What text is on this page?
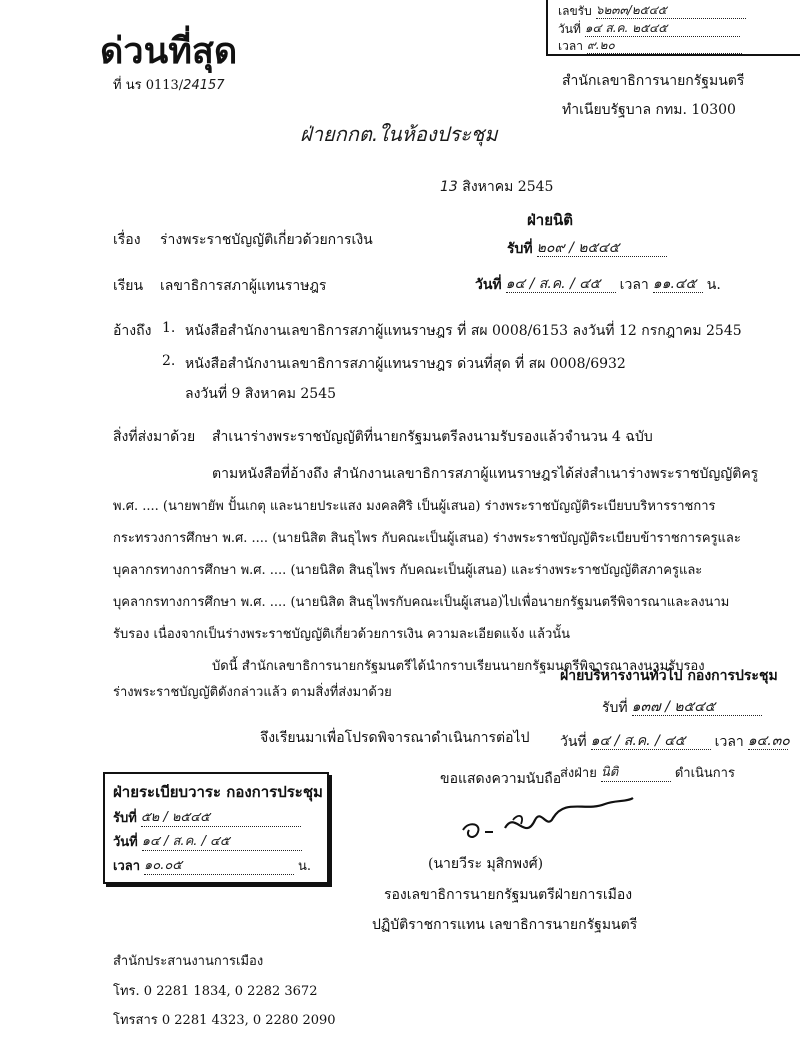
ด่วนที่สุด
ที่ นร 0113/24157
เลขรับ ๖๒๓๓/๒๕๔๕
วันที่ ๑๔ ส.ค. ๒๕๔๕
เวลา ๙.๒๐
สำนักเลขาธิการนายกรัฐมนตรี
ทำเนียบรัฐบาล กทม. 10300
ฝ่ายกกต.ในห้องประชุม
13 สิงหาคม 2545
เรื่อง ร่างพระราชบัญญัติเกี่ยวด้วยการเงิน
เรียน เลขาธิการสภาผู้แทนราษฎร
ฝ่ายนิติ
รับที่ ๒๐๙ / ๒๕๔๕
วันที่ ๑๔ / ส.ค. / ๔๕	เวลา ๑๑.๔๕ น.
อ้างถึง 1. หนังสือสำนักงานเลขาธิการสภาผู้แทนราษฎร ที่ สผ 0008/6153 ลงวันที่ 12 กรกฎาคม 2545
2. หนังสือสำนักงานเลขาธิการสภาผู้แทนราษฎร ด่วนที่สุด ที่ สผ 0008/6932
ลงวันที่ 9 สิงหาคม 2545
สิ่งที่ส่งมาด้วย สำเนาร่างพระราชบัญญัติที่นายกรัฐมนตรีลงนามรับรองแล้วจำนวน 4 ฉบับ
ตามหนังสือที่อ้างถึง สำนักงานเลขาธิการสภาผู้แทนราษฎรได้ส่งสำเนาร่างพระราชบัญญัติครู
พ.ศ. .... (นายพายัพ ปั้นเกตุ และนายประแสง มงคลศิริ เป็นผู้เสนอ) ร่างพระราชบัญญัติระเบียบบริหารราชการ
กระทรวงการศึกษา พ.ศ. .... (นายนิสิต สินธุไพร กับคณะเป็นผู้เสนอ) ร่างพระราชบัญญัติระเบียบข้าราชการครูและ
บุคลากรทางการศึกษา พ.ศ. .... (นายนิสิต สินธุไพร กับคณะเป็นผู้เสนอ) และร่างพระราชบัญญัติสภาครูและ
บุคลากรทางการศึกษา พ.ศ. .... (นายนิสิต สินธุไพรกับคณะเป็นผู้เสนอ)ไปเพื่อนายกรัฐมนตรีพิจารณาและลงนาม
รับรอง เนื่องจากเป็นร่างพระราชบัญญัติเกี่ยวด้วยการเงิน ความละเอียดแจ้ง แล้วนั้น
บัดนี้ สำนักเลขาธิการนายกรัฐมนตรีได้นำกราบเรียนนายกรัฐมนตรีพิจารณาลงนามรับรอง
ร่างพระราชบัญญัติดังกล่าวแล้ว ตามสิ่งที่ส่งมาด้วย
ฝ่ายบริหารงานทั่วไป กองการประชุม
รับที่ ๑๓๗ / ๒๕๔๕
วันที่ ๑๔ / ส.ค. / ๔๕	เวลา ๑๔.๓๐
ส่งฝ่าย นิติ	ดำเนินการ
จึงเรียนมาเพื่อโปรดพิจารณาดำเนินการต่อไป
ขอแสดงความนับถือ
ฝ่ายระเบียบวาระ กองการประชุม
รับที่ ๕๒ / ๒๕๔๕
วันที่ ๑๔ / ส.ค. / ๔๕
เวลา ๑๐.๐๕	น.	(นายวีระ มุสิกพงศ์)
รองเลขาธิการนายกรัฐมนตรีฝ่ายการเมือง
ปฏิบัติราชการแทน เลขาธิการนายกรัฐมนตรี
สำนักประสานงานการเมือง
โทร. 0 2281 1834, 0 2282 3672
โทรสาร 0 2281 4323, 0 2280 2090
